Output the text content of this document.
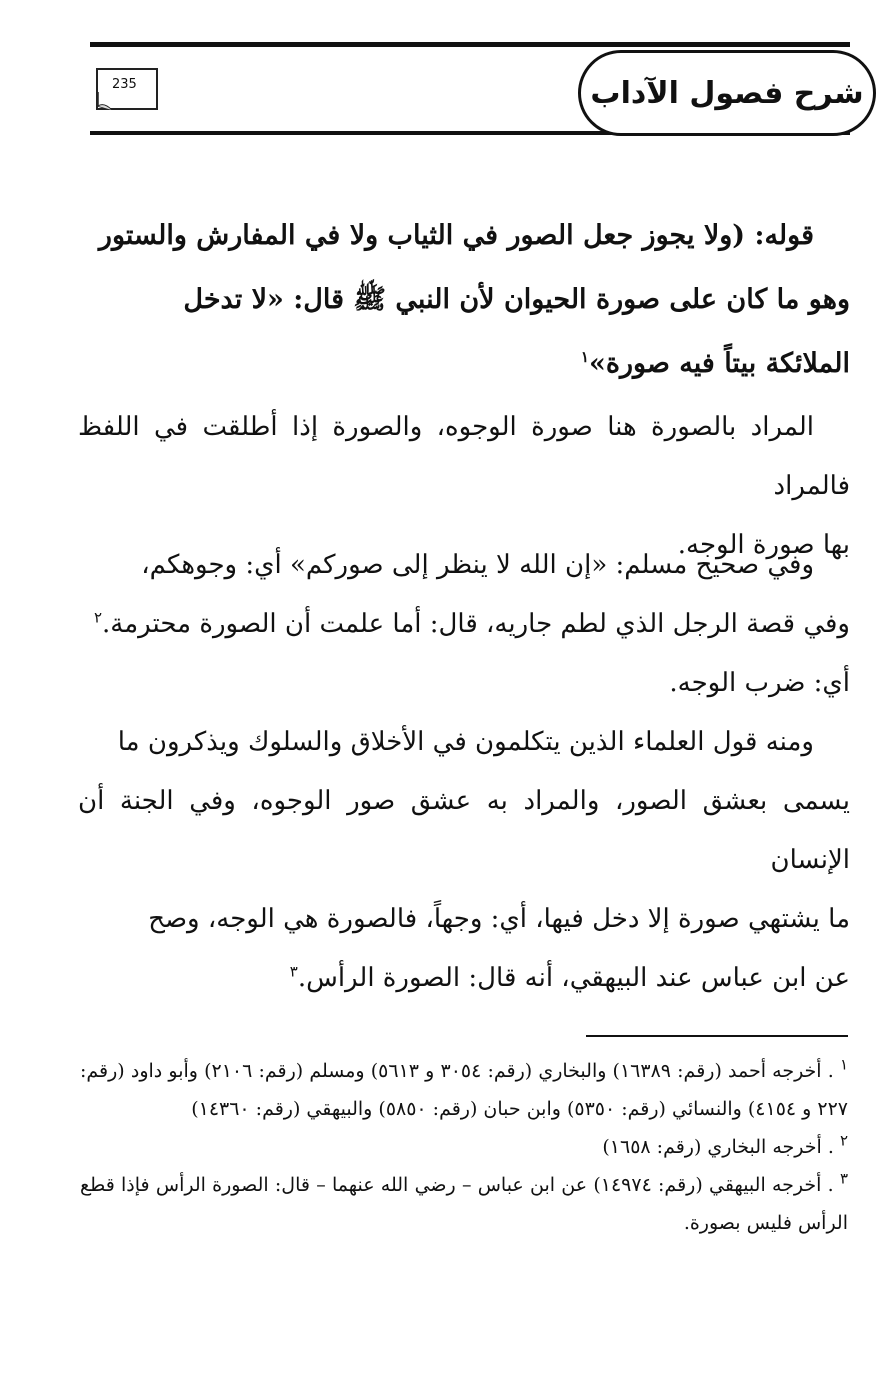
شرح فصول الآداب
235

قوله: (ولا يجوز جعل الصور في الثياب ولا في المفارش والستور

وهو ما كان على صورة الحيوان لأن النبي ﷺ قال: «لا تدخل

الملائكة بيتاً فيه صورة»$^١$

المراد بالصورة هنا صورة الوجوه، والصورة إذا أطلقت في اللفظ فالمراد

بها صورة الوجه.

وفي صحيح مسلم: «إن الله لا ينظر إلى صوركم» أي: وجوهكم،

وفي قصة الرجل الذي لطم جاريه، قال: أما علمت أن الصورة محترمة.$^٢$

أي: ضرب الوجه.

ومنه قول العلماء الذين يتكلمون في الأخلاق والسلوك ويذكرون ما

يسمى بعشق الصور، والمراد به عشق صور الوجوه، وفي الجنة أن الإنسان

ما يشتهي صورة إلا دخل فيها، أي: وجهاً، فالصورة هي الوجه، وصح

عن ابن عباس عند البيهقي، أنه قال: الصورة الرأس.$^٣$

$^١$ . أخرجه أحمد (رقم: ١٦٣٨٩) والبخاري (رقم: ٣٠٥٤ و ٥٦١٣) ومسلم (رقم: ٢١٠٦) وأبو داود (رقم: ٢٢٧ و ٤١٥٤) والنسائي (رقم: ٥٣٥٠) وابن حبان (رقم: ٥٨٥٠) والبيهقي (رقم: ١٤٣٦٠)

$^٢$ . أخرجه البخاري (رقم: ١٦٥٨)

$^٣$ . أخرجه البيهقي (رقم: ١٤٩٧٤) عن ابن عباس – رضي الله عنهما – قال: الصورة الرأس فإذا قطع الرأس فليس بصورة.
